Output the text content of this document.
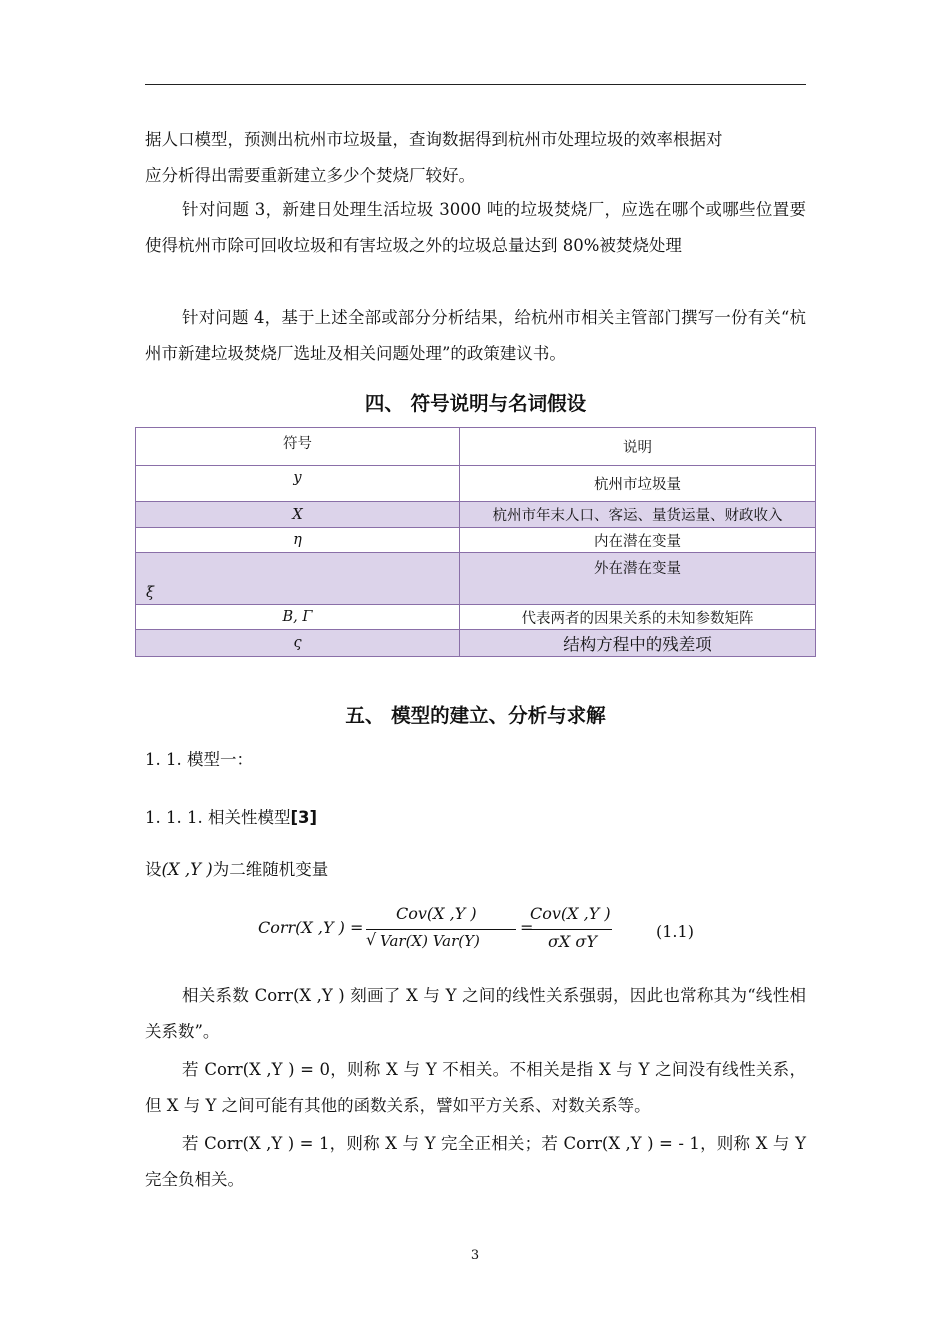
据人口模型，预测出杭州市垃圾量，查询数据得到杭州市处理垃圾的效率根据对
应分析得出需要重新建立多少个焚烧厂较好。

针对问题 3，新建日处理生活垃圾 3000 吨的垃圾焚烧厂，应选在哪个或哪些位置要使得杭州市除可回收垃圾和有害垃圾之外的垃圾总量达到 80%被焚烧处理

针对问题 4，基于上述全部或部分分析结果，给杭州市相关主管部门撰写一份有关“杭州市新建垃圾焚烧厂选址及相关问题处理”的政策建议书。

四、 符号说明与名词假设
符号	说明
y	杭州市垃圾量
X	杭州市年末人口、客运、量货运量、财政收入
η	内在潜在变量
ξ	外在潜在变量
B, Γ	代表两者的因果关系的未知参数矩阵
ς	结构方程中的残差项
五、 模型的建立、分析与求解

1. 1. 模型一：

1. 1. 1. 相关性模型[3]

设(X ,Y )为二维随机变量

Corr(X ,Y ) =
Cov(X ,Y )
√ Var(X) Var(Y)
=
Cov(X ,Y )
σX σY
(1.1)

相关系数 Corr(X ,Y ) 刻画了 X 与 Y 之间的线性关系强弱，因此也常称其为“线性相关系数”。

若 Corr(X ,Y ) = 0，则称 X 与 Y 不相关。不相关是指 X 与 Y 之间没有线性关系，但 X 与 Y 之间可能有其他的函数关系，譬如平方关系、对数关系等。

若 Corr(X ,Y ) = 1，则称 X 与 Y 完全正相关；若 Corr(X ,Y ) = - 1，则称 X 与 Y 完全负相关。

3
